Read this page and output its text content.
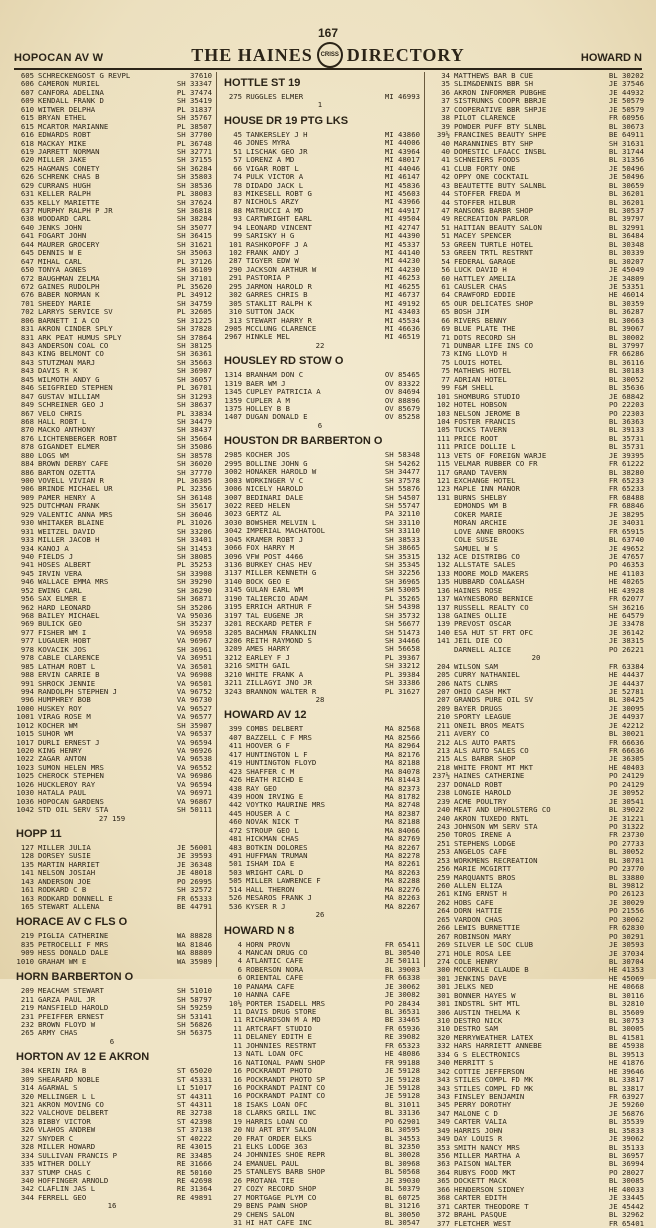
167
HOPOCAN AV W	THE HAINES CRISS DIRECTORY	HOWARD N
605 SCHRECKENGOST G REVPL	37610
606 CAMERON MURIEL	SH 33347
607 CANFORA ADELINA	PL 37474
609 KENDALL FRANK D	SH 35419
610 WITWER DELPHA	PL 31837
615 BRYAN ETHEL	SH 35767
615 MCARTOR MARIANNE	PL 38507
616 EDWARDS ROBT	SH 37700
618 MACKAY MIKE	PL 36748
619 JARRETT NORMAN	SH 32771
620 MILLER JAKE	SH 37155
625 HAGMANS CONETY	SH 36284
626 SCHRENK CHAS B	SH 35803
629 CURRANS HUGH	SH 38536
631 KELLER RALPH	PL 38083
635 KELLY MARIETTE	SH 37624
637 MURPHY RALPH P JR	SH 36818
638 WOODARD CARL	SH 38284
640 JENKS JOHN	SH 35077
641 FOGART JOHN	SH 36415
644 MAURER GROCERY	SH 31621
645 DENNIS W E	SH 35063
647 MIHAL CARL	PL 37126
650 TONYA AGNES	SH 36109
672 BAUGHMAN ZELMA	SH 37101
672 GAINES RUDOLPH	PL 35620
676 BABER NORMAN K	PL 34912
701 SHEEDY MARIE	SH 34759
702 LARRYS SERVICE SV	PL 32605
806 BARNETT I A CO	SH 31225
831 AKRON CINDER SPLY	SH 37828
831 ARK PEAT HUMUS SPLY	SH 37864
843 ANDERSON COAL CO	SH 38125
843 KING BELMONT CO	SH 36361
843 STUTZMAN MARJ	SH 35663
843 DAVIS R K	SH 36907
845 WILMOTH ANDY G	SH 36057
846 SEIGFRIED STEPHEN	PL 36701
847 GUSTAV WILLIAM	SH 31293
849 SCHREINER GEO J	SH 38637
867 VELO CHRIS	PL 33834
868 HALL ROBT L	SH 34479
870 MACKO ANTHONY	SH 38437
876 LICHTENBERGER ROBT	SH 35664
878 GIGANDET ELMER	SH 35086
880 LOGS WM	SH 38578
884 BROWN DERBY CAFE	SH 36020
886 BARTON OZETTA	SH 37770
900 VOVELL VIVIAN R	PL 36305
906 BRINDE MICHAEL UR	PL 32356
909 PAMER HENRY A	SH 36148
925 DUTCHMAN FRANK	SH 35617
929 VALENTIC ANNA MRS	SH 36046
930 WHITAKER BLAINE	PL 31026
931 WEITZEL DAVID	SH 33206
933 MILLER JACOB H	SH 33401
934 KANOJ A	SH 31453
940 FIELDS J	SH 38085
941 HOSES ALBERT	PL 35253
945 IRVIN VERA	SH 33908
946 WALLACE EMMA MRS	SH 39290
952 EWING CARL	SH 36290
956 SAX ELMER E	SH 36871
962 HARD LEONARD	SH 35206
968 BAILEY MICHAEL	VA 95036
969 BULICK GEO	SH 35237
977 FISHER WM I	VA 96958
977 LUGAUER HOBT	VA 96967
978 KOVACIK JOS	SH 36961
978 CABLE CLARENCE	VA 36951
985 LATHAM ROBT L	VA 36501
988 ERVIN CARRIE B	VA 96908
991 SHROCK JENNIE	VA 96501
994 RANDOLPH STEPHEN J	VA 96752
996 HUMPHREY BOB	VA 96730
1000 HUSKEY ROY	VA 96527
1001 VIRAG ROSE M	VA 96577
1012 KOCHER WM	SH 35907
1015 SUHOR WM	VA 96537
1017 DURLI ERNEST J	VA 96594
1020 KING HENRY	VA 96926
1022 ZAGAR ANTON	VA 96538
1023 SUMON HELEN MRS	VA 96552
1025 CHEROCK STEPHEN	VA 96986
1026 HUCKLEROY RAY	VA 96594
1030 HATALA PAUL	VA 96971
1036 HOPOCAN GARDENS	VA 96867
1042 STD OIL SERV STA	SH 50111
27 159
HOPP 11
127 MILLER JULIA	JE 56001
128 DORSEY SUSIE	JE 39593
135 MARTIN HARRIET	JE 36348
141 NELSON JOSIAH	JE 48018
143 ANDERSON JOE	PO 26995
161 RODKARD C B	SH 32572
163 RODKARD DONNELL E	FR 65333
165 STEWART ALLENA	BE 44791
HORACE AV C FLS O
219 PIGLIA CATHERINE	WA 88828
835 PETROCELLI F MRS	WA 81846
909 HESS DONALD DALE	WA 88809
1010 GRAHAM WM E	WA 35989
HORN BARBERTON O
209 MEACHAM STEWART	SH 51010
211 GARZA PAUL JR	SH 58797
219 MANSFIELD HAROLD	SH 59259
231 PFEIFFER ERNEST	SH 53141
232 BROWN FLOYD W	SH 56826
265 ARMY CHAS	SH 56375
6
HORTON AV 12 E AKRON
304 KERIN IRA B	ST 65020
309 SHEARARD NOBLE	ST 45331
314 AGARWAL S	LI 51017
320 MELLINGER L L	ST 44311
321 AKRON MOVING CO	ST 44311
322 VALCHOVE DELBERT	RE 32738
323 BIBBY VICTOR	ST 42398
326 VLAHOS ANDREW	ST 37138
327 SNYDER C	ST 40222
328 MILLER HOWARD	RE 43015
334 SULLIVAN FRANCIS P	RE 33485
335 WITHER DOLLY	RE 31666
337 STUMP CHAS C	RE 50160
340 HOFFINGER ARNOLD	RE 42698
342 CLAFLIN JAS L	RE 31364
344 FERRELL GEO	RE 49891
16
HOTTLE ST 19
275 RUGGLES ELMER	MI 46993
1
HOUSE DR 19 PTG LKS
45 TANKERSLEY J H	MI 43860
46 JONES MYRA	MI 44006
51 LISCHAK GEO JR	MI 43964
57 LORENZ A MD	MI 48017
66 VIGAR ROBT L	MI 44046
74 PULK VICTOR A	MI 46147
78 DIDADO JACK L	MI 45836
83 MIKESELL ROBT G	MI 45603
87 NICHOLS ARZY	MI 43966
88 MATRUCCI A MD	MI 44917
93 CARTWRIGHT EARL	MI 49504
94 LEONARD VINCENT	MI 42747
99 SARISKY H G	MI 44390
101 RASHKOPOFF J A	MI 45337
102 FRANK ANDY J	MI 44140
287 TIGYER EDW W	MI 44230
290 JACKSON ARTHUR W	MI 44230
291 PASTORIA P	MI 46253
295 JARMON HAROLD R	MI 46255
302 GARRES CHRIS B	MI 46737
305 STAKLIT RALPH K	MI 49192
310 SUTTON JACK	MI 43403
313 STEWART HARRY R	MI 45534
2905 MCCLUNG CLARENCE	MI 46636
2967 HINKLE MEL	MI 46519
22
HOUSLEY RD STOW O
1314 BRANHAM DON C	OV 85465
1319 BAER WM J	OV 83322
1345 CUPLEY PATRICIA A	OV 84694
1359 CUPLER A M	OV 88896
1375 HOLLEY B B	OV 85679
1407 DUGAN DONALD E	OV 85258
6
HOUSTON DR BARBERTON O
2985 KOCHER JOS	SH 58348
2995 BOLLINE JOHN G	SH 54262
3002 HONAKER HAROLD W	SH 34477
3003 WORKINGER V C	SH 37578
3006 NICELY HAROLD	SH 55876
3007 BEDINARI DALE	SH 54507
3022 REED HELEN	SH 55747
3023 GERTZ AL	PA 32110
3030 BOWSHER MELVIN L	SH 33110
3042 IMPERIAL MACHATOOL	SH 33110
3045 KRAMER ROBT J	SH 38533
3066 FOX HARRY M	SH 38665
3096 VFW POST 4466	SH 35315
3136 BURKEY CHAS HEV	SH 35345
3137 MILLER KENNETH G	SH 32256
3140 BOCK GEO E	SH 36965
3145 GULAN EARL WM	SH 53005
3190 TALIERCIO ADAM	PL 35265
3195 ERRICH ARTHUR F	SH 54398
3197 TAL EUGENE JR	SH 35732
3201 RECKARD PETER F	SH 56677
3205 BACHMAN FRANKLIN	SH 51473
3206 REITH RAYMOND S	SH 34466
3209 AMES HARRY	SH 56658
3212 EARLEY F J	PL 39367
3216 SMITH GAIL	SH 33212
3210 WHITE FRANK A	PL 39384
3211 ZILLAGYI JNO JR	SH 33386
3243 BRANNON WALTER R	PL 31627
28
HOWARD AV 12
399 COMBS DELBERT	MA 82568
407 BAZZELL C F MRS	MA 82566
411 HOOVER G F	MA 82964
417 HUNTINGTON L F	MA 82176
419 HUNTINGTON FLOYD	MA 82188
423 SHAFFER C M	MA 84078
426 HEATH RICHD E	MA 81443
438 RAY GEO	MA 82373
439 HOON IRVING E	MA 81782
442 VOYTKO MAURINE MRS	MA 82748
445 HOUSER A C	MA 82387
460 NOVAK NICK T	MA 82188
472 STROUP GEO L	MA 84066
481 HICKMAN CHAS	MA 82769
483 BOTKIN DOLORES	MA 82267
491 HUFFMAN TRUMAN	MA 82278
501 ISHAM IDA E	MA 82261
503 WRIGHT CARL D	MA 82263
505 MILLER LAWRENCE F	MA 82288
514 HALL THERON	MA 82276
526 MESAROS FRANK J	MA 82263
536 KYSER R J	MA 82267
26
HOWARD N 8
4 HORN PROVN	FR 65411
4 MANCAN DRUG CO	BL 30540
4 ATLANTIC CAFE	JE 50111
6 ROBERSON NORA	BL 39003
6 ORIENTAL CAFE	FR 66338
10 PANAMA CAFE	JE 30062
10 HANNA CAFE	JE 30082
10½ PORTER ISADELL MRS	PO 28434
11 DAVIS DRUG STORE	BL 36531
11 RICHARDSON M A MD	BE 33465
11 ARTCRAFT STUDIO	FR 65936
11 DELANEY EDITH E	RE 39082
11 JOHNNIES RESTRNT	FR 65323
13 NATL LOAN OFC	HE 48086
16 NATIONAL PAWN SHOP	FR 99188
16 POCKRANDT PHOTO	JE 59128
16 POCKRANDT PHOTO SP	JE 59128
16 POCKRANDT PAINT CO	JE 59128
16 POCKRANDT PAINT CO	JE 59128
18 ISAKS LOAN OFC	BL 31011
18 CLARKS GRILL INC	BL 33136
19 HARRIS LOAN CO	PO 62901
20 NU ART BTY SALON	BL 30595
20 FRAT ORDER ELKS	BL 34553
21 ELKS LODGE 363	BL 32350
24 JOHNNIES SHOE REPR	BL 30028
24 EMANUEL PAUL	BL 30968
25 STANLEYS BARB SHOP	BL 50568
26 PROTANA TIE	JE 39030
27 COZY RECORD SHOP	BL 50379
27 MORTGAGE PLYM CO	BL 60725
29 BENS PAWN SHOP	BL 31216
29 CHENS SALON	BL 30050
31 HI HAT CAFE INC	BL 30547
34 MATTHEWS BAR B CUE	BL 30202
35 SLIM&DENNIS BBR SH	JE 37546
36 AKRON INFORMER PUBGHE	JE 44932
37 SISTRUNKS COOPR BBRJE	JE 50579
37 COOPERATIVE BBR SHPJE	JE 50579
38 PILOT CLARENCE	FR 60956
39 POWDER PUFF BTY SLNBL	BL 30673
39½ FRANCINES BEAUTY SHPE	BE 64911
40 MARANNINES BTY SHP	SH 31631
40 DOMESTIC LFAACC INSBL	BL 31744
41 SCHNEIERS FOODS	BL 31356
41 CLUB FORTY ONE	JE 50496
42 OPPY ONE COCKTAIL	JE 50496
43 BEAUTETTE BUTY SALNBL	BL 30659
44 STOFFER FREDA M	BL 36201
44 STOFFER HILBUR	BL 36201
47 RANSONS BARBR SHOP	BL 30537
49 RECREATION PARLOR	BL 39797
51 HAITIAN BEAUTY SALON	BL 32991
51 MACEY SPENCER	BL 36484
53 GREEN TURTLE HOTEL	BL 30348
53 GREEN TRTL RESTRNT	BL 30339
54 FEDERAL GARAGE	BL 30207
56 LUCK DAVID H	JE 45049
60 HATTLEY AMELIA	JE 34809
61 CAUSLER CHAS	JE 53351
64 CRAWFORD EDDIE	HE 46014
65 OUR DELICATES SHOP	BL 30359
65 BOSH JIM	BL 36287
66 RIVERS BENNY	BL 30663
69 BLUE PLATE THE	BL 39067
71 DOTS RECORD SH	BL 30002
71 DUNBAR LIFE INS CO	BL 37997
73 KING LLOYD H	FR 66286
75 LOUIS HOTEL	BL 36116
75 MATHEWS HOTEL	BL 30183
77 ADRIAN HOTEL	BL 30052
99 F&M SHELL	BL 35636
101 SHOMBURG STUDIO	JE 68842
102 HOTEL HOBSON	PO 22203
103 NELSON JEROME B	PO 22303
104 FOSTER FRANCIS	BL 36363
105 TUCKS TAVERN	BL 39133
111 PRICE ROOT	BL 35731
111 PRICE DOLLIE L	BL 35731
113 VETS OF FOREIGN WARJE	JE 39395
115 VELMAR RUBBER CO FR	FR 61222
117 GRAND TAVERN	BL 38280
121 EXCHANGE HOTEL	FR 65233
123 MAPLE INN MANOR	FR 65233
131 BURNS SHELBY	FR 68488
EDMONDS WM B	FR 68846
COKER MARIE	JE 38295
MORAN ARCHIE	JE 34031
LOVE ANNE BROOKS	FR 65915
COLE SUSIE	BL 63740
SAMUEL W S	JE 49652
132 ACE DISTRIBG CO	JE 47657
132 ALLSTATE SALES	PO 46353
133 MOORE MOLD MAKERS	HE 41103
135 HUBBARD COAL&ASH	HE 40265
136 HAINES ROSE	HE 43928
137 WAYNESBORO BERNICE	FR 62077
137 RUSSELL REALTY CO	SH 36216
138 GAINES OLLIE	HE 64579
139 PREVOST OSCAR	JE 33478
140 ESA HUT ST FRT OFC	JE 36142
141 JEIL DIE CO	JE 38315
DARNELL ALICE	PO 26221
20
204 WILSON SAM	FR 63384
205 CURRY NATHANIEL	HE 44437
206 NATS CLNRS	JE 44437
207 OHIO CASH MKT	JE 52781
207 GRANDS PURE OIL SV	BL 30425
209 BAYER DRUGS	JE 30095
210 SPORTY LEAGUE	JE 44937
211 ONEIL BROS MEATS	JE 42212
211 AVERY CO	BL 30021
212 ALS AUTO PARTS	FR 66636
213 ALS AUTO SALES CO	FR 66636
215 ALS BARBR SHOP	JE 36305
218 WHITE FRONT MT MKT	HE 40403
237½ HAINES CATHERINE	PO 24129
237 DONALD ROBT	PO 24129
238 LONGIE HAROLD	JE 30952
239 ACME POULTRY	JE 30541
240 MEAT AND UPHOLSTERG CO	BL 39022
240 AKRON TUXEDO RNTL	JE 31221
243 JOHNSON WM SERV STA	PO 31322
250 TOROS IRENE A	FR 23730
251 STEPHENS LODGE	PO 27733
253 ANGELOS CAFE	BL 30052
253 WORKMENS RECREATION	BL 30701
256 MARIE MCGIRTT	PO 23770
259 MARQUANTS BROS	BL 33880
260 ALLEN ELIZA	BL 39812
261 KING ERNST H	PO 26123
262 HOBS CAFE	JE 30029
264 DORN HATTIE	PO 21556
265 VARDON CHAS	PO 30062
266 LEWIS BURNETTIE	FR 62830
267 ROBINSON MARY	PO 30291
269 SILVER LE SOC CLUB	JE 30593
271 HOLE ROSA LEE	JE 37034
274 COLE HENRY	BL 30704
300 MCCORKLE CLAUDE B	HE 41353
301 JENKINS DAVE	HE 45069
301 JELKS NED	HE 40668
301 BONNER HAYES W	BL 30116
301 INDSTRL SHT MTL	BL 32810
306 AUSTIN THELMA K	BL 35609
310 DESTRO NICK	BL 30753
310 DESTRO SAM	BL 30005
320 MERRYWEATHER LATEX	BL 41581
332 HARS HARRIETT ANNEBE	BE 45938
334 G S ELECTRONICS	BL 39513
340 MERRITT S	HE 41876
342 COTTIE JEFFERSON	HE 39646
343 STILES COMPL FD MK	BL 33817
343 STILES COMPL FD MK	BL 33817
343 FINSLEY BENJAMIN	FR 63927
345 PERRY DOROTHY	JE 59260
347 MALONE C D	JE 56876
349 CARTER VALIA	BL 35539
349 HARRIS JOHN	BL 35833
349 DAY LOUIS R	JE 39062
353 SMITH NANCY MRS	BL 35133
356 MILLER MARTHA A	BL 36957
363 PAISON WALTER	BL 36994
364 RUBYS FOOD MKT	PO 28027
365 DOCKETT MACK	BL 30085
366 HENDERSON SIDNEY	HE 40033
368 CARTER EDITH	JE 33445
371 CARTER THEODORE T	JE 45442
372 BRAHL PASQUE	BL 32962
377 FLETCHER WEST	FR 65401
